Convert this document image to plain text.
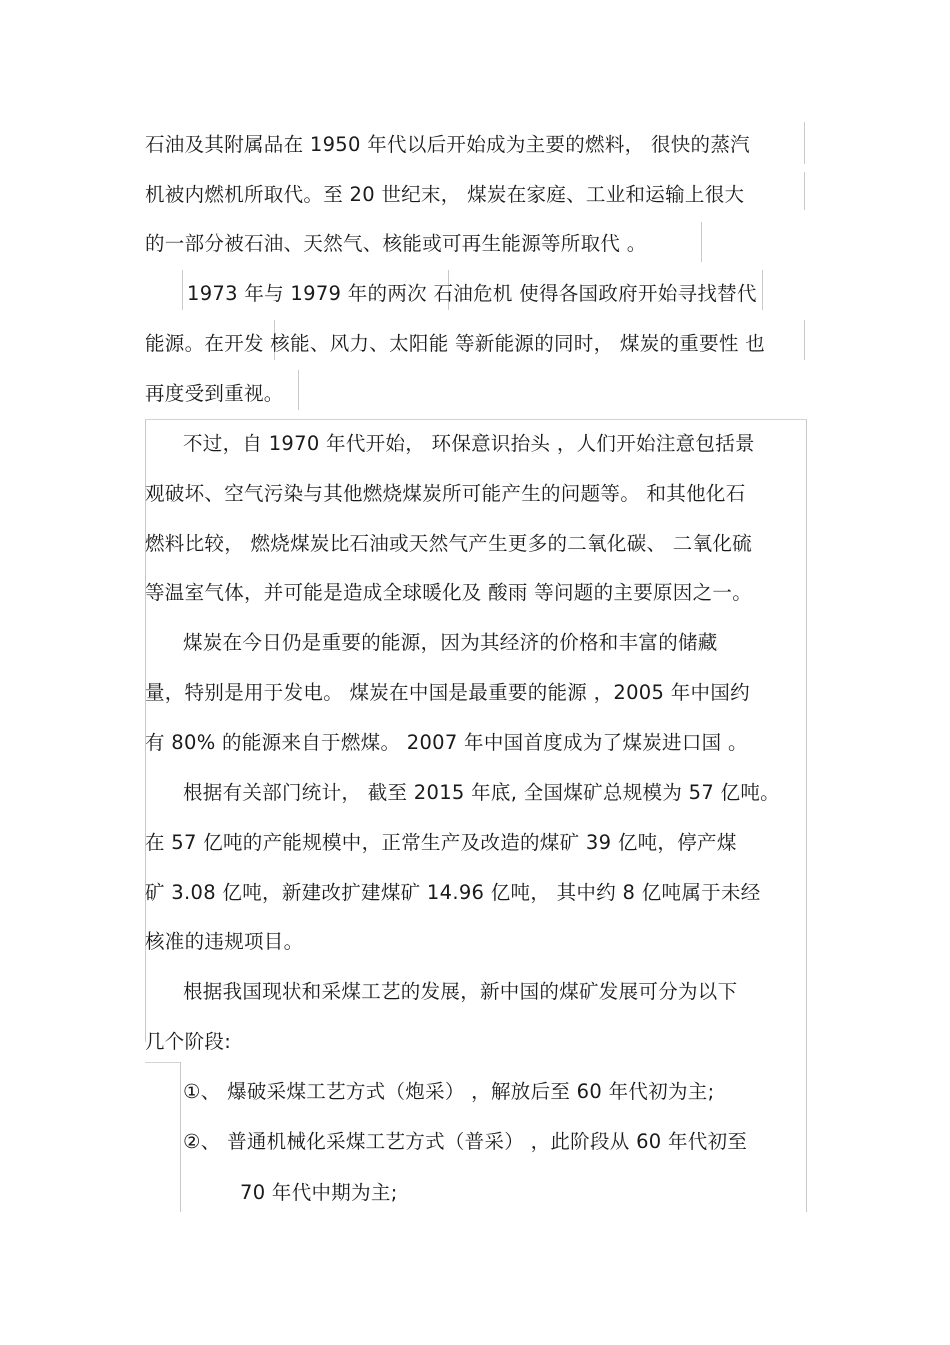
石油及其附属品在 1950 年代以后开始成为主要的燃料， 很快的蒸汽
机被内燃机所取代。至 20 世纪末， 煤炭在家庭、工业和运输上很大
的一部分被石油、天然气、核能或可再生能源等所取代 。
1973 年与 1979 年的两次 石油危机 使得各国政府开始寻找替代
能源。在开发 核能、风力、太阳能 等新能源的同时， 煤炭的重要性 也
再度受到重视。
不过，自 1970 年代开始， 环保意识抬头 ，人们开始注意包括景
观破坏、空气污染与其他燃烧煤炭所可能产生的问题等。 和其他化石
燃料比较， 燃烧煤炭比石油或天然气产生更多的二氧化碳、 二氧化硫
等温室气体，并可能是造成全球暖化及 酸雨 等问题的主要原因之一。
煤炭在今日仍是重要的能源，因为其经济的价格和丰富的储藏
量，特别是用于发电。 煤炭在中国是最重要的能源 ，2005 年中国约
有 80% 的能源来自于燃煤。 2007 年中国首度成为了煤炭进口国 。
根据有关部门统计， 截至 2015 年底, 全国煤矿总规模为 57 亿吨。
在 57 亿吨的产能规模中，正常生产及改造的煤矿 39 亿吨，停产煤
矿 3.08 亿吨，新建改扩建煤矿 14.96 亿吨， 其中约 8 亿吨属于未经
核准的违规项目。
根据我国现状和采煤工艺的发展，新中国的煤矿发展可分为以下
几个阶段:
①、 爆破采煤工艺方式（炮采） ，解放后至 60 年代初为主;
②、 普通机械化采煤工艺方式（普采） ，此阶段从 60 年代初至
70 年代中期为主;
